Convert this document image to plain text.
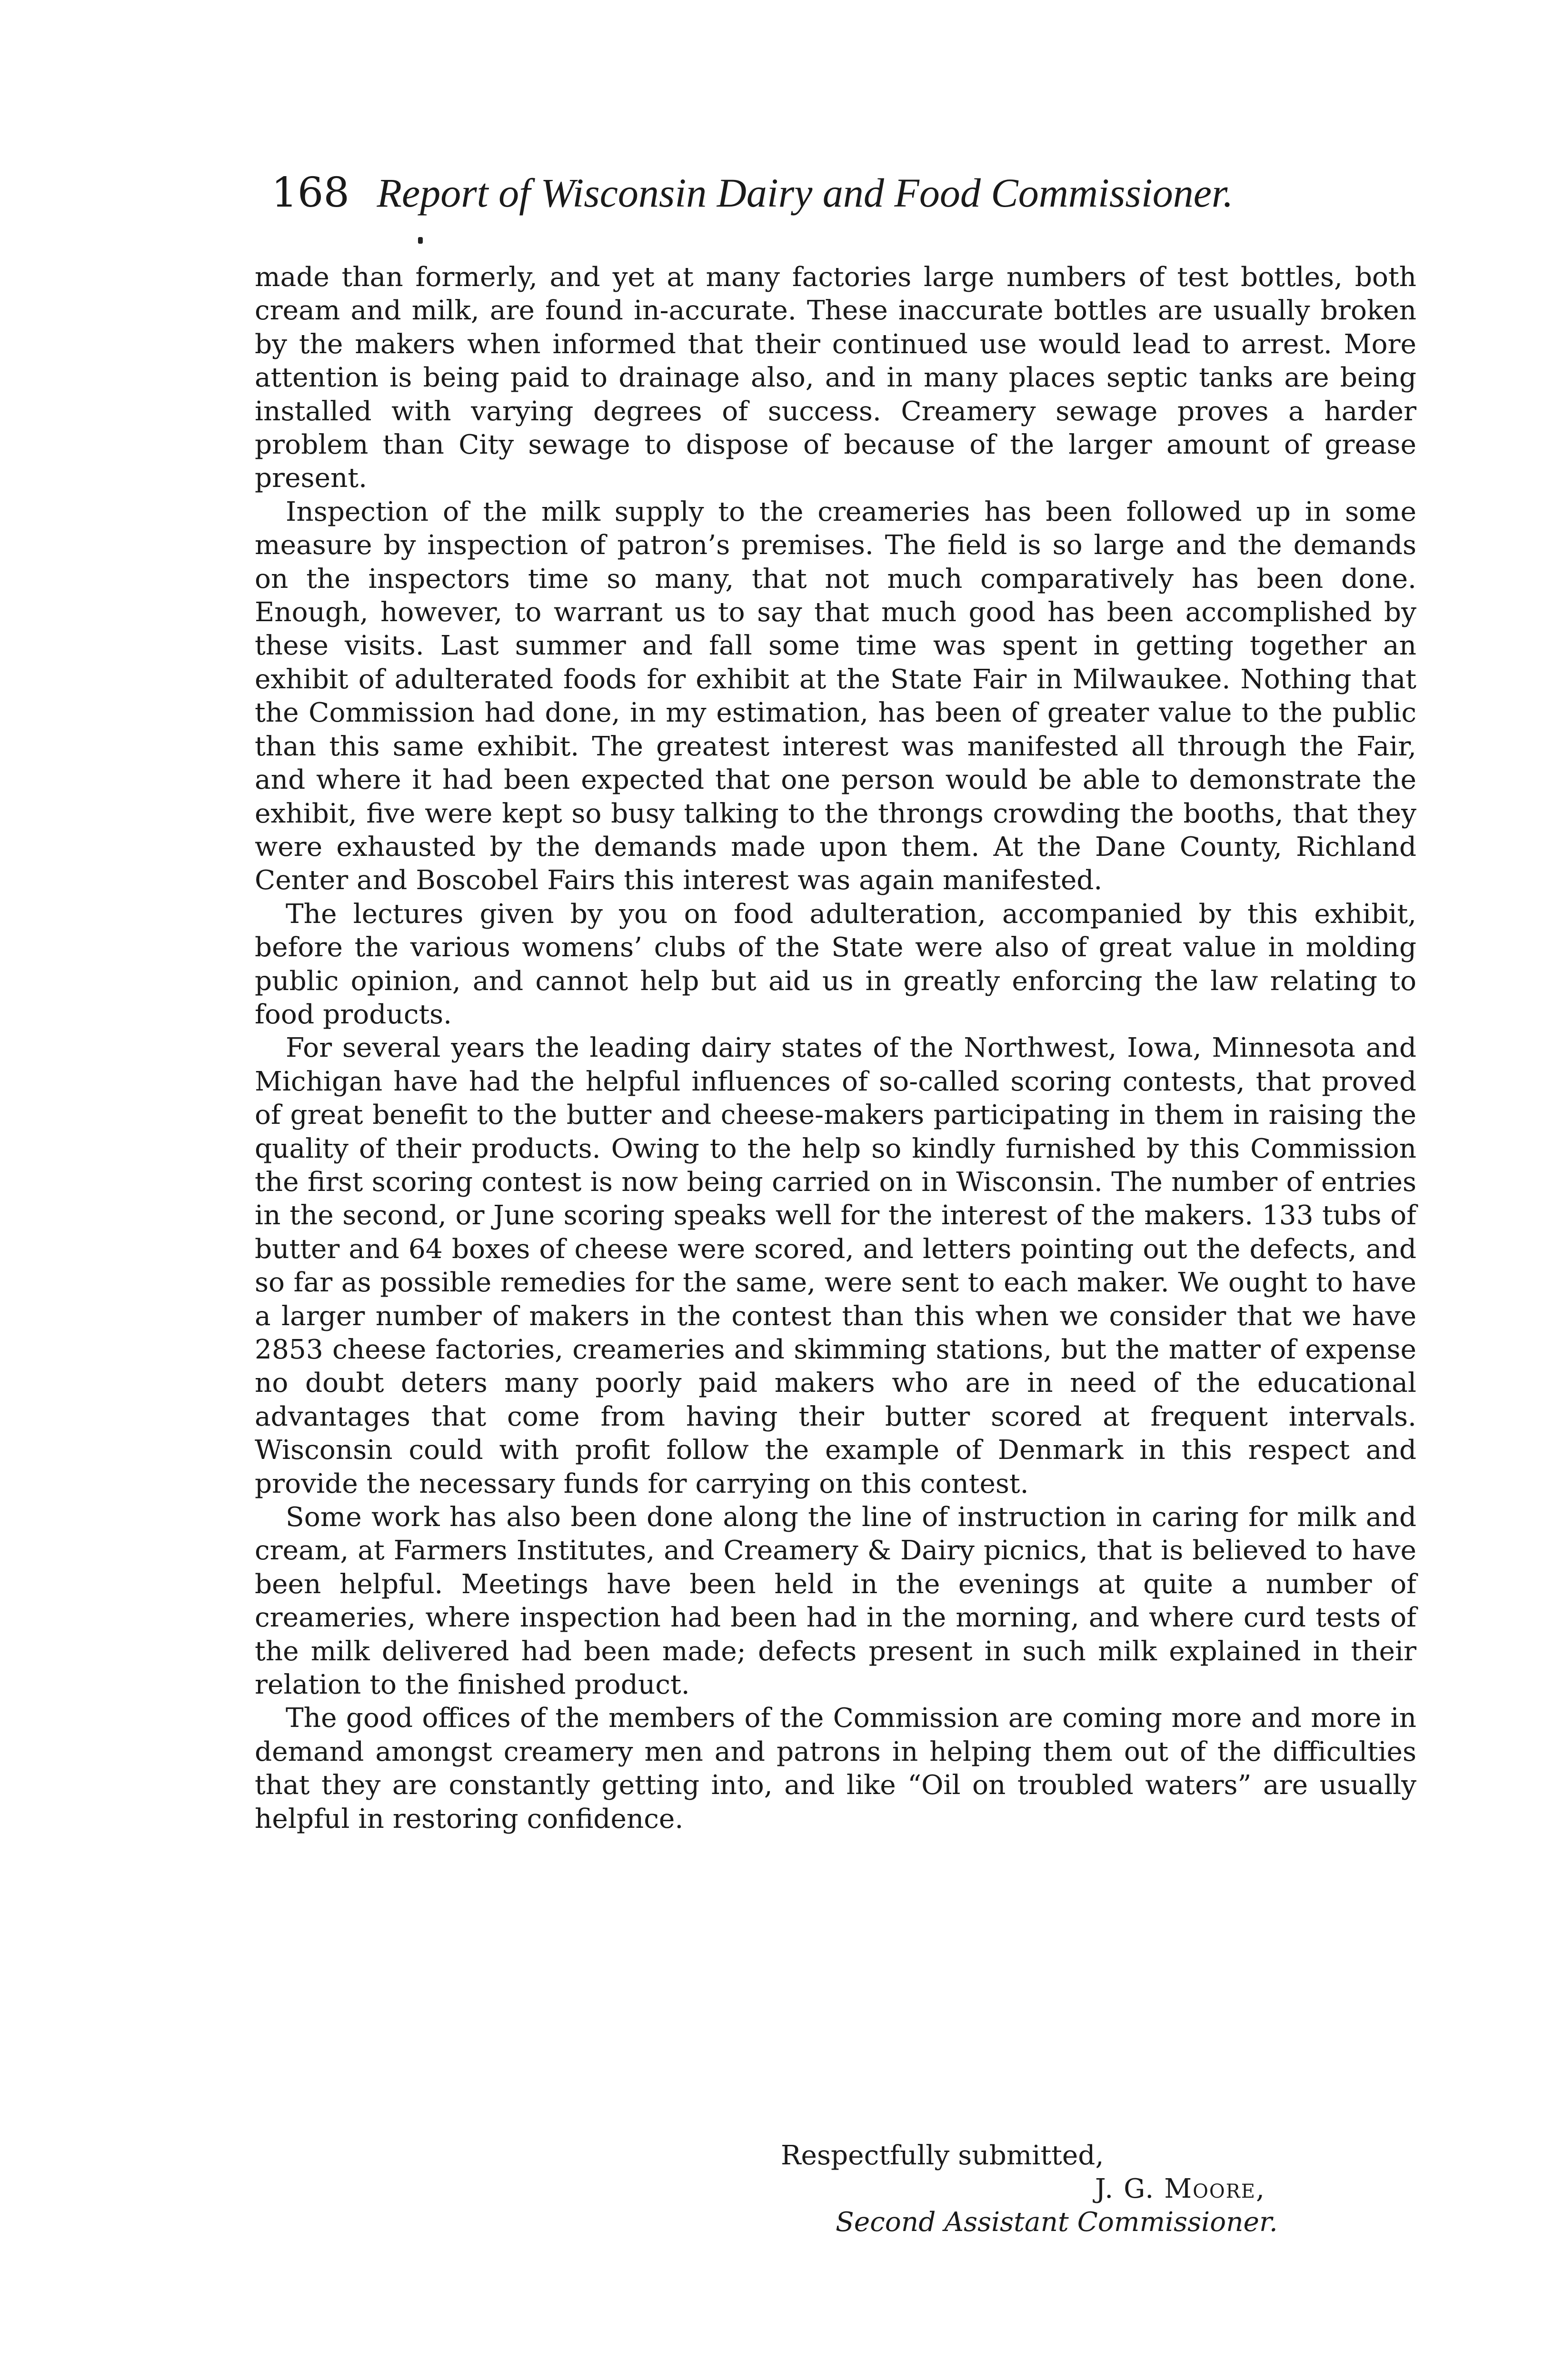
168 Report of Wisconsin Dairy and Food Commissioner.

made than formerly, and yet at many factories large numbers of test bottles, both cream and milk, are found in-accurate. These inaccurate bottles are usually broken by the makers when informed that their continued use would lead to arrest. More attention is being paid to drainage also, and in many places septic tanks are being installed with varying degrees of success. Creamery sewage proves a harder problem than City sewage to dispose of because of the larger amount of grease present.

Inspection of the milk supply to the creameries has been followed up in some measure by inspection of patron’s premises. The field is so large and the demands on the inspectors time so many, that not much comparatively has been done. Enough, however, to warrant us to say that much good has been accomplished by these visits. Last summer and fall some time was spent in getting together an exhibit of adulterated foods for exhibit at the State Fair in Milwaukee. Nothing that the Commission had done, in my estimation, has been of greater value to the public than this same exhibit. The greatest interest was manifested all through the Fair, and where it had been expected that one person would be able to demonstrate the exhibit, five were kept so busy talking to the throngs crowding the booths, that they were exhausted by the demands made upon them. At the Dane County, Richland Center and Boscobel Fairs this interest was again manifested.

The lectures given by you on food adulteration, accompanied by this exhibit, before the various womens’ clubs of the State were also of great value in molding public opinion, and cannot help but aid us in greatly enforcing the law relating to food products.

For several years the leading dairy states of the Northwest, Iowa, Minnesota and Michigan have had the helpful influences of so-called scoring contests, that proved of great benefit to the butter and cheese-makers participating in them in raising the quality of their products. Owing to the help so kindly furnished by this Commission the first scoring contest is now being carried on in Wisconsin. The number of entries in the second, or June scoring speaks well for the interest of the makers. 133 tubs of butter and 64 boxes of cheese were scored, and letters pointing out the defects, and so far as possible remedies for the same, were sent to each maker. We ought to have a larger number of makers in the contest than this when we consider that we have 2853 cheese factories, creameries and skimming stations, but the matter of expense no doubt deters many poorly paid makers who are in need of the educational advantages that come from having their butter scored at frequent intervals. Wisconsin could with profit follow the example of Denmark in this respect and provide the necessary funds for carrying on this contest.

Some work has also been done along the line of instruction in caring for milk and cream, at Farmers Institutes, and Creamery & Dairy picnics, that is believed to have been helpful. Meetings have been held in the evenings at quite a number of creameries, where inspection had been had in the morning, and where curd tests of the milk delivered had been made; defects present in such milk explained in their relation to the finished product.

The good offices of the members of the Commission are coming more and more in demand amongst creamery men and patrons in helping them out of the difficulties that they are constantly getting into, and like “Oil on troubled waters” are usually helpful in restoring confidence.

Respectfully submitted,
J. G. Moore,
Second Assistant Commissioner.
